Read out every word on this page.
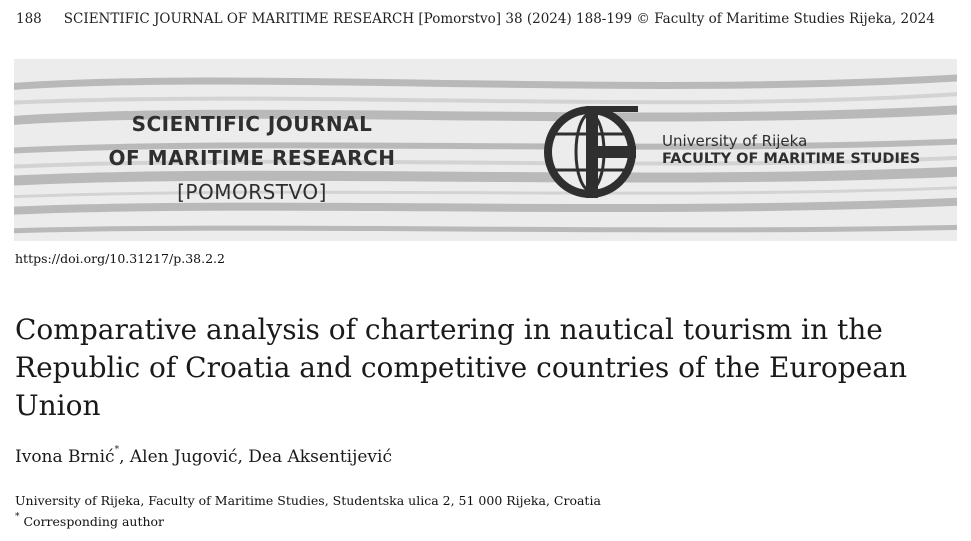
188 SCIENTIFIC JOURNAL OF MARITIME RESEARCH [Pomorstvo] 38 (2024) 188-199 © Faculty of Maritime Studies Rijeka, 2024
SCIENTIFIC JOURNAL
OF MARITIME RESEARCH
[POMORSTVO]
University of Rijeka
FACULTY OF MARITIME STUDIES
https://doi.org/10.31217/p.38.2.2
Comparative analysis of chartering in nautical tourism in the Republic of Croatia and competitive countries of the European Union
Ivona Brnić*, Alen Jugović, Dea Aksentijević
University of Rijeka, Faculty of Maritime Studies, Studentska ulica 2, 51 000 Rijeka, Croatia
* Corresponding author
